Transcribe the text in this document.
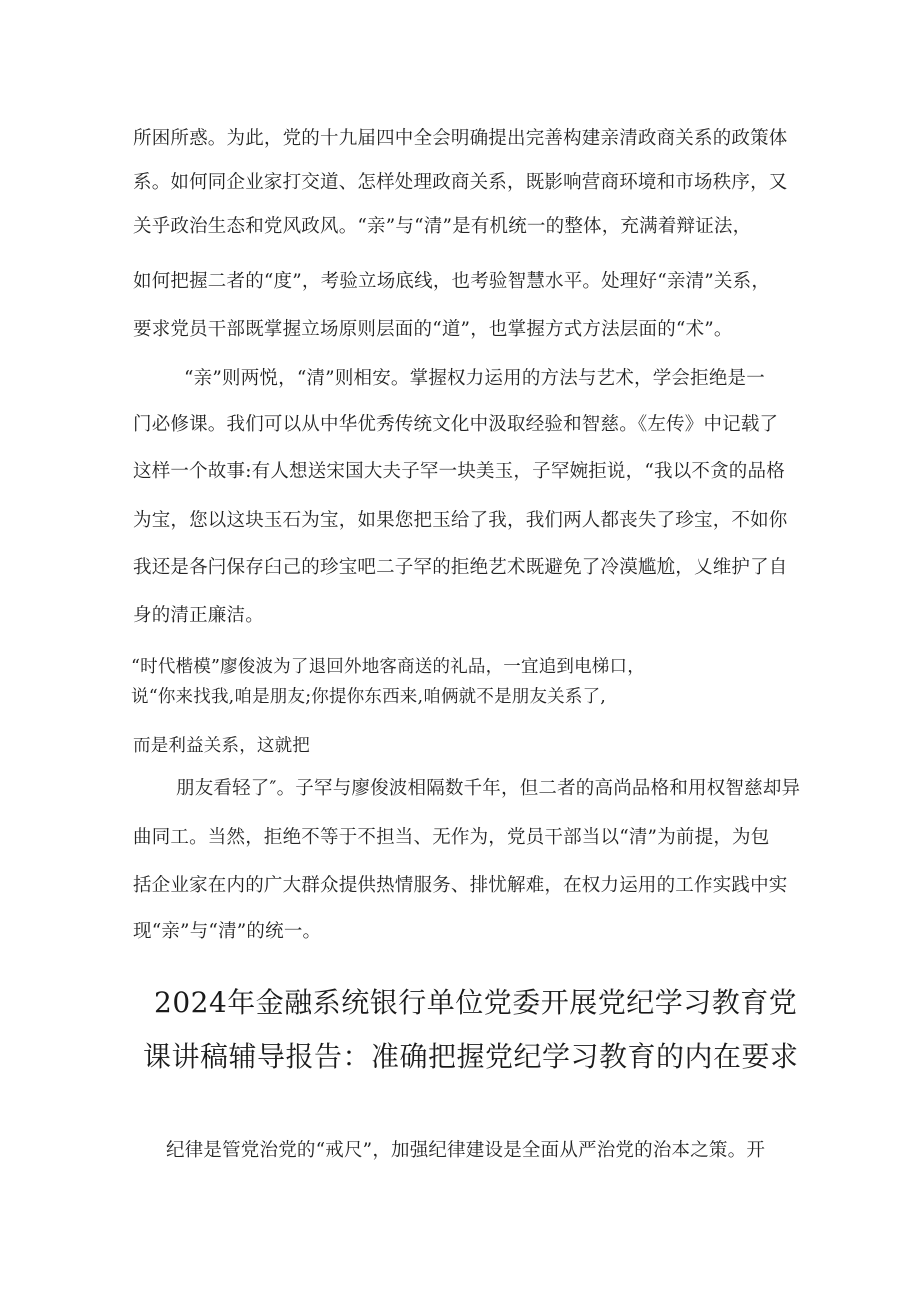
所困所惑。为此，党的十九届四中全会明确提出完善构建亲清政商关系的政策体
系。如何同企业家打交道、怎样处理政商关系，既影响营商环境和市场秩序，又
关乎政治生态和党风政风。“亲”与“清”是有机统一的整体，充满着辩证法，
如何把握二者的“度”，考验立场底线，也考验智慧水平。处理好“亲清”关系，
要求党员干部既掌握立场原则层面的“道”，也掌握方式方法层面的“术”。
“亲”则两悦，“清”则相安。掌握权力运用的方法与艺术，学会拒绝是一
门必修课。我们可以从中华优秀传统文化中汲取经验和智慈。《左传》中记载了
这样一个故事:有人想送宋国大夫子罕一块美玉，子罕婉拒说，“我以不贪的品格
为宝，您以这块玉石为宝，如果您把玉给了我，我们两人都丧失了珍宝，不如你
我还是各闩保存臼己的珍宝吧二子罕的拒绝艺术既避免了冷漠尴尬，乂维护了自
身的清正廉洁。
“时代楷模”廖俊波为了退回外地客商送的礼品，一宜追到电梯口，
说“你来找我,咱是朋友;你提你东西来,咱俩就不是朋友关系了,
而是利益关系，这就把
朋友看轻了″。子罕与廖俊波相隔数千年，但二者的高尚品格和用权智慈却异
曲同工。当然，拒绝不等于不担当、无作为，党员干部当以“清”为前提，为包
括企业家在内的广大群众提供热情服务、排忧解难，在权力运用的工作实践中实
现“亲”与“清”的统一。
2024年金融系统银行单位党委开展党纪学习教育党
课讲稿辅导报告：准确把握党纪学习教育的内在要求
纪律是管党治党的“戒尺”，加强纪律建设是全面从严治党的治本之策。开
